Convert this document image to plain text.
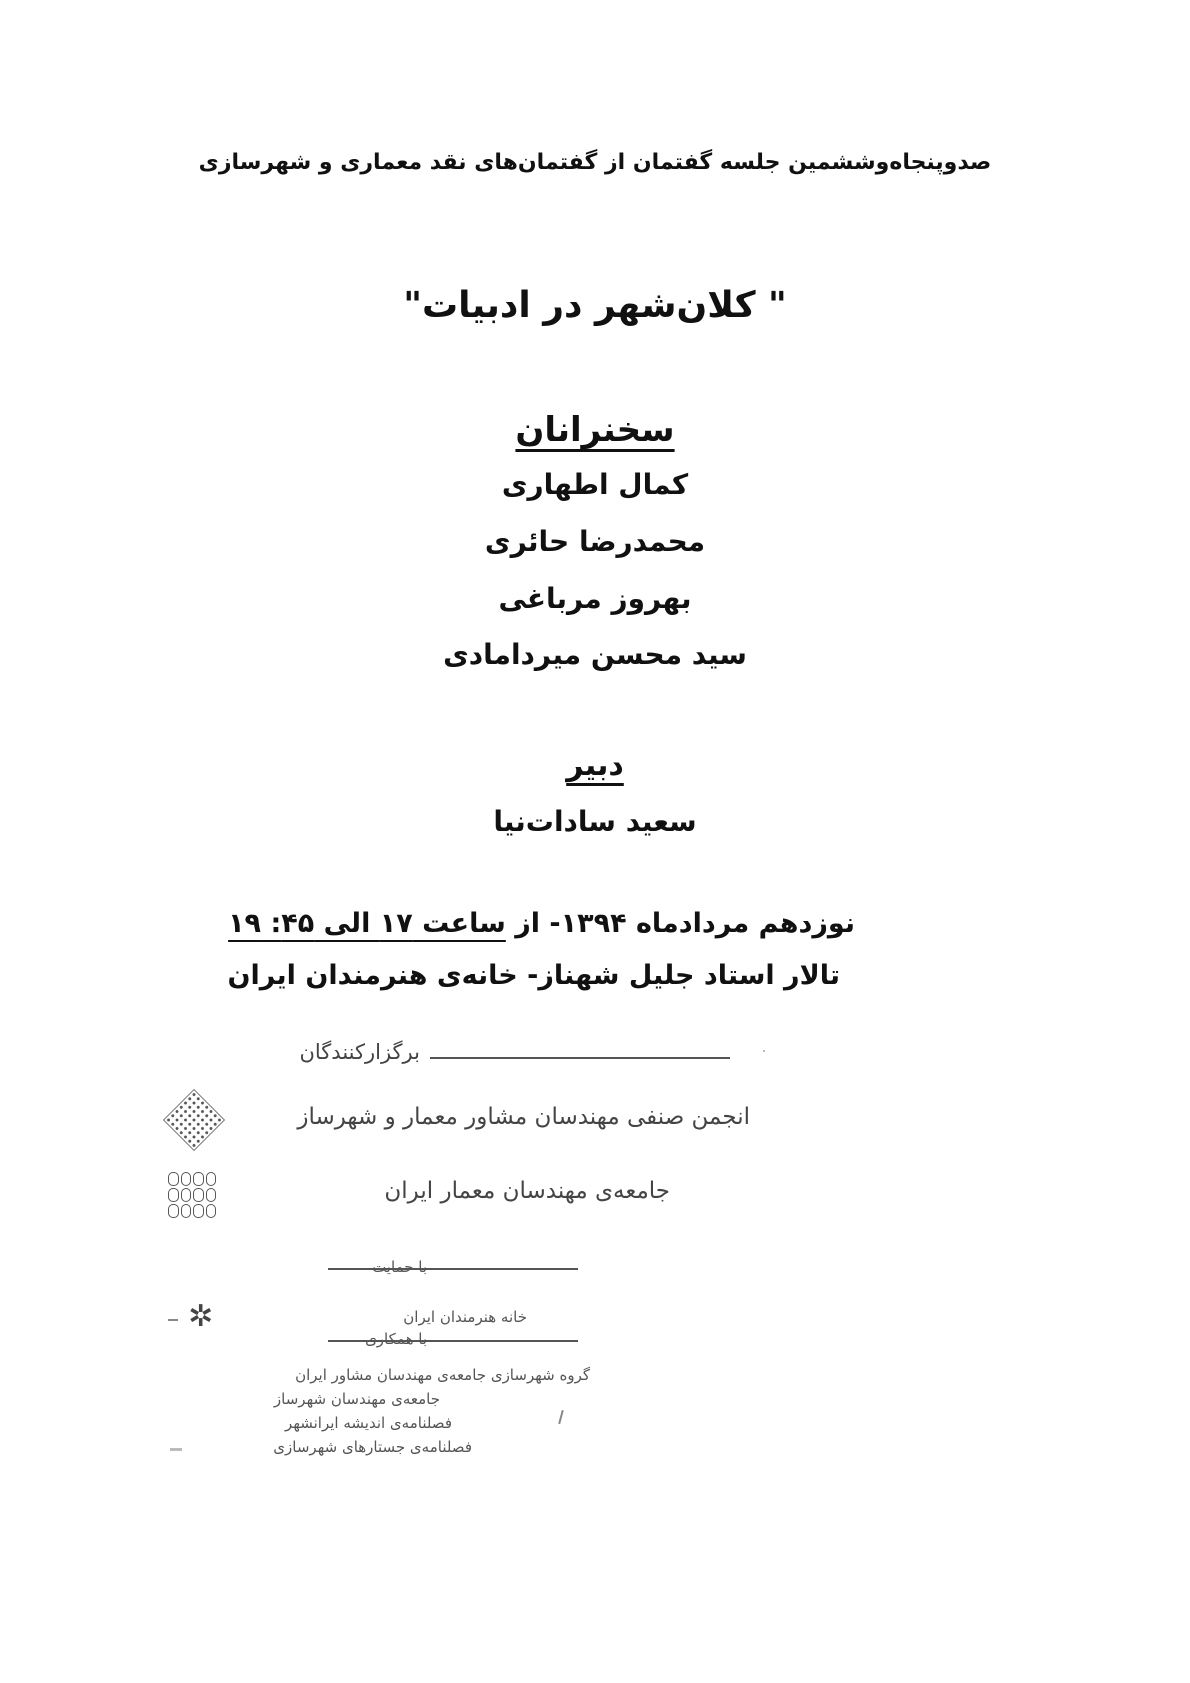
صدوپنجاه‌وششمین جلسه گفتمان از گفتمان‌های نقد معماری و شهرسازی
" کلان‌شهر در ادبیات"
سخنرانان
کمال اطهاری
محمدرضا حائری
بهروز مرباغی
سید محسن میردامادی
دبیر
سعید سادات‌نیا
نوزدهم مردادماه ۱۳۹۴- از ساعت ۱۷ الی ۴۵: ۱۹
تالار استاد جلیل شهناز- خانه‌ی هنرمندان ایران
برگزارکنندگان
انجمن صنفی مهندسان مشاور معمار و شهرساز
جامعه‌ی مهندسان معمار ایران
با حمایت
✲	خانه هنرمندان ایران
با همکاری
گروه شهرسازی جامعه‌ی مهندسان مشاور ایران
جامعه‌ی مهندسان شهرساز
فصلنامه‌ی اندیشه ایرانشهر
فصلنامه‌ی جستارهای شهرسازی
